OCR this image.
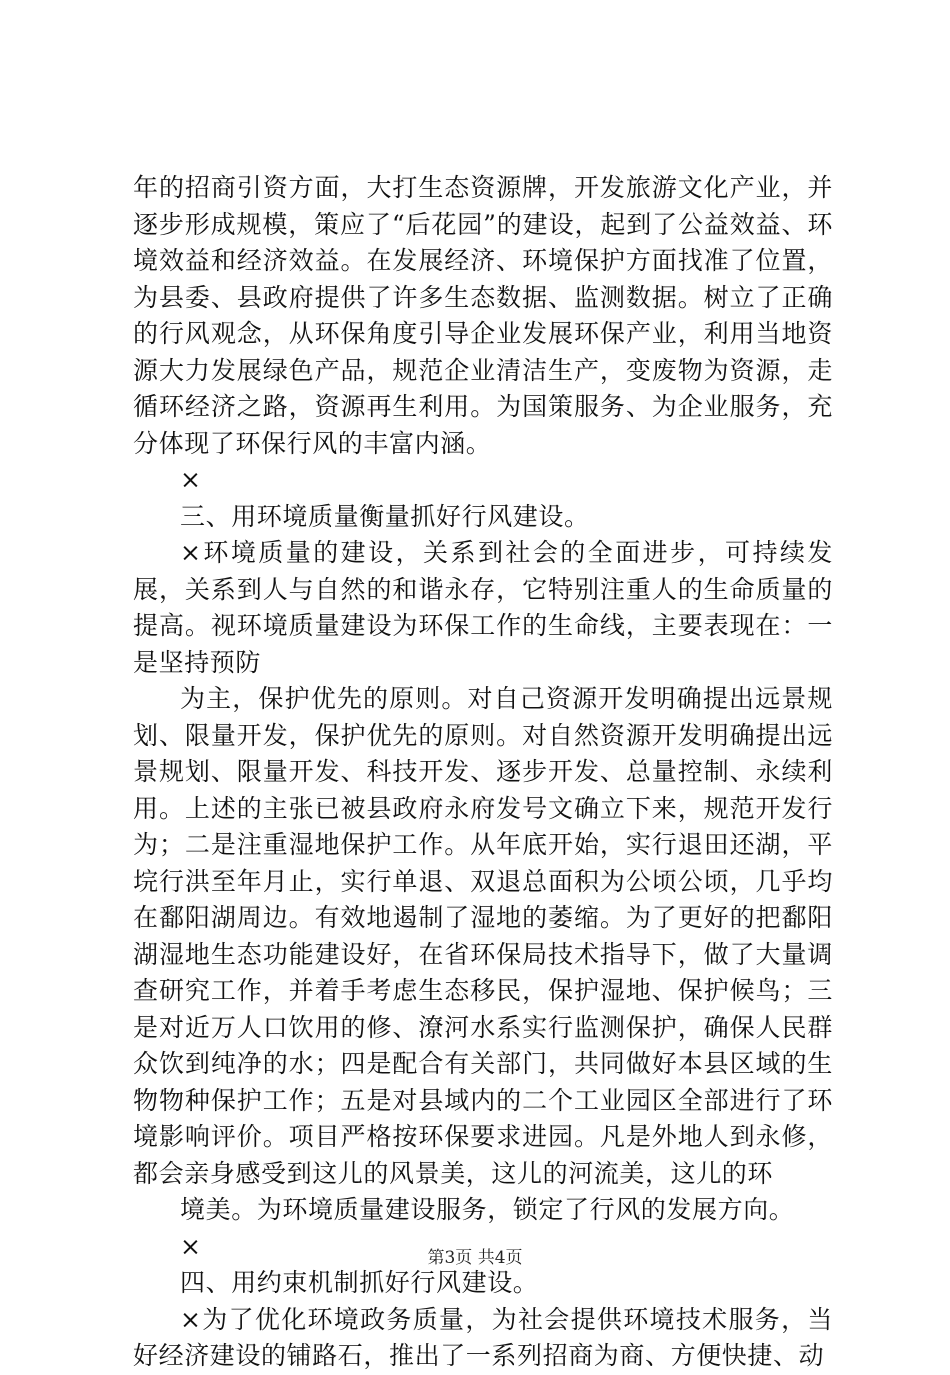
年的招商引资方面，大打生态资源牌，开发旅游文化产业，并逐步形成规模，策应了“后花园”的建设，起到了公益效益、环境效益和经济效益。在发展经济、环境保护方面找准了位置，为县委、县政府提供了许多生态数据、监测数据。树立了正确的行风观念，从环保角度引导企业发展环保产业，利用当地资源大力发展绿色产品，规范企业清洁生产，变废物为资源，走循环经济之路，资源再生利用。为国策服务、为企业服务，充分体现了环保行风的丰富内涵。

×

三、用环境质量衡量抓好行风建设。

×环境质量的建设，关系到社会的全面进步，可持续发展，关系到人与自然的和谐永存，它特别注重人的生命质量的提高。视环境质量建设为环保工作的生命线，主要表现在：一是坚持预防

为主，保护优先的原则。对自己资源开发明确提出远景规划、限量开发，保护优先的原则。对自然资源开发明确提出远景规划、限量开发、科技开发、逐步开发、总量控制、永续利用。上述的主张已被县政府永府发号文确立下来，规范开发行为；二是注重湿地保护工作。从年底开始，实行退田还湖，平垸行洪至年月止，实行单退、双退总面积为公顷公顷，几乎均在鄱阳湖周边。有效地遏制了湿地的萎缩。为了更好的把鄱阳湖湿地生态功能建设好，在省环保局技术指导下，做了大量调查研究工作，并着手考虑生态移民，保护湿地、保护候鸟；三是对近万人口饮用的修、潦河水系实行监测保护，确保人民群众饮到纯净的水；四是配合有关部门，共同做好本县区域的生物物种保护工作；五是对县域内的二个工业园区全部进行了环境影响评价。项目严格按环保要求进园。凡是外地人到永修，都会亲身感受到这儿的风景美，这儿的河流美，这儿的环

境美。为环境质量建设服务，锁定了行风的发展方向。

×

四、用约束机制抓好行风建设。

×为了优化环境政务质量，为社会提供环境技术服务，当好经济建设的铺路石，推出了一系列招商为商、方便快捷、动

第3页 共4页
